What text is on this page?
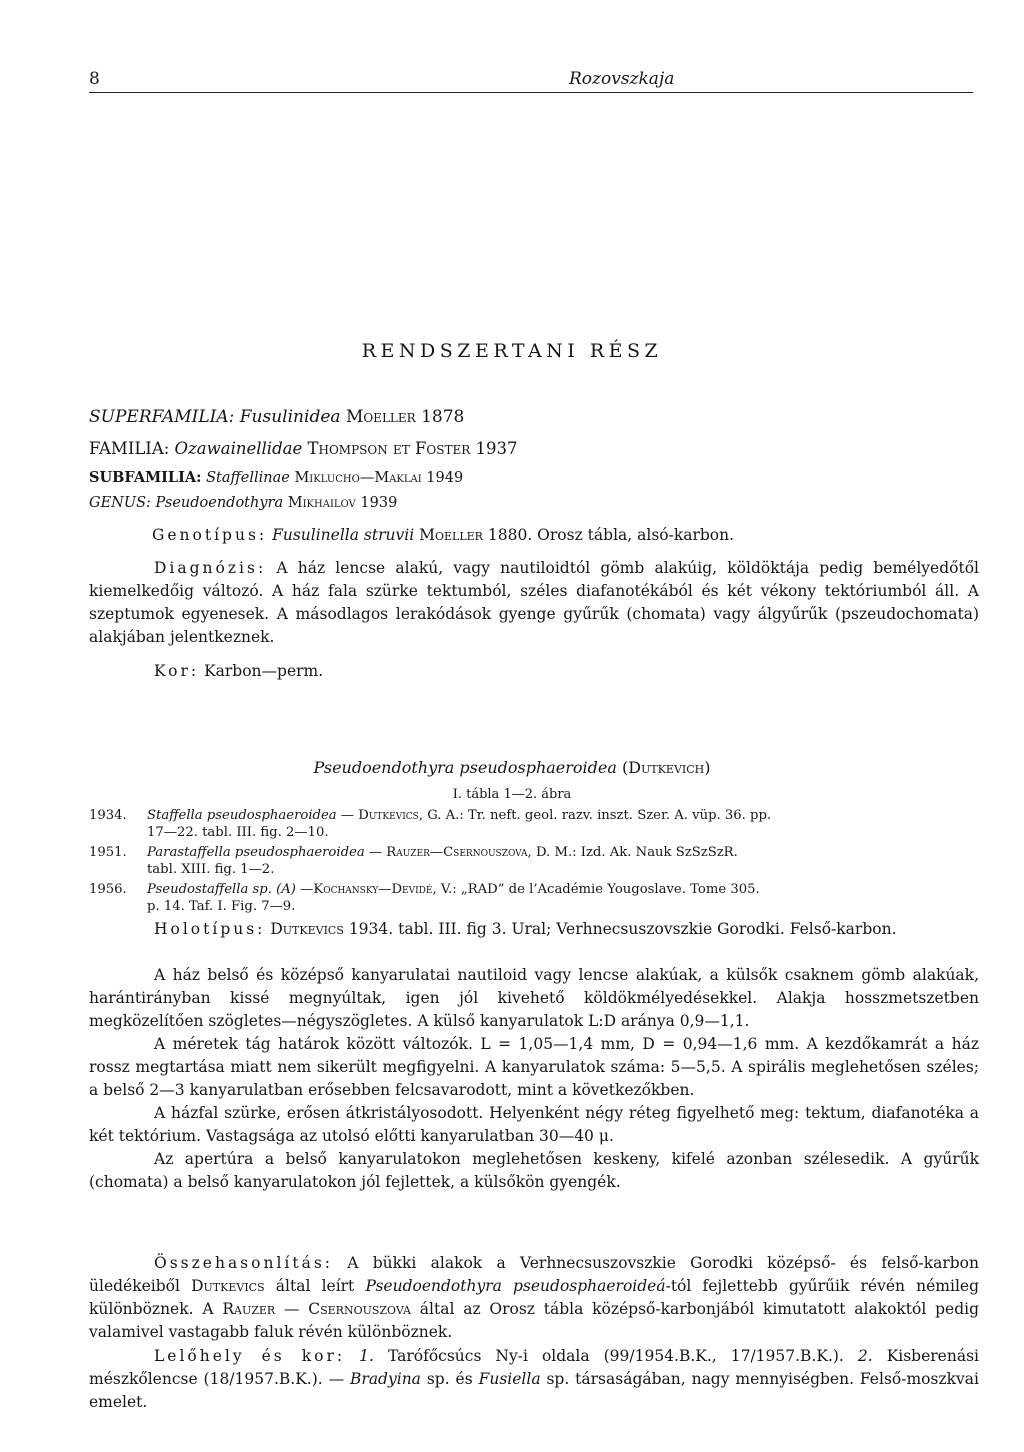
8	Rozovszkaja
RENDSZERTANI RÉSZ
SUPERFAMILIA: Fusulinidea Moeller 1878
FAMILIA: Ozawainellidae Thompson et Foster 1937
SUBFAMILIA: Staffellinae Miklucho—Maklai 1949
GENUS: Pseudoendothyra Mikhailov 1939
Genotípus: Fusulinella struvii Moeller 1880. Orosz tábla, alsó-karbon.

Diagnózis: A ház lencse alakú, vagy nautiloidtól gömb alakúig, köldöktája pedig bemélyedőtől kiemelkedőig változó. A ház fala szürke tektumból, széles diafanotékából és két vékony tektóriumból áll. A szeptumok egyenesek. A másodlagos lerakódások gyenge gyűrűk (chomata) vagy álgyűrűk (pszeudochomata) alakjában jelentkeznek.

Kor: Karbon—perm.
Pseudoendothyra pseudosphaeroidea (Dutkevich)
I. tábla 1—2. ábra
1934.	Staffella pseudosphaeroidea — Dutkevics, G. A.: Tr. neft. geol. razv. inszt. Szer. A. vüp. 36. pp.
17—22. tabl. III. fig. 2—10.
1951.	Parastaffella pseudosphaeroidea — Rauzer—Csernouszova, D. M.: Izd. Ak. Nauk SzSzSzR.
tabl. XIII. fig. 1—2.
1956.	Pseudostaffella sp. (A) —Kochansky—Devidé, V.: „RAD” de l’Académie Yougoslave. Tome 305.
p. 14. Taf. I. Fig. 7—9.

Holotípus: Dutkevics 1934. tabl. III. fig 3. Ural; Verhnecsuszovszkie Gorodki. Felső-karbon.

A ház belső és középső kanyarulatai nautiloid vagy lencse alakúak, a külsők csaknem gömb alakúak, harántirányban kissé megnyúltak, igen jól kivehető köldökmélyedésekkel. Alakja hosszmetszetben megközelítően szögletes—négyszögletes. A külső kanyarulatok L:D aránya 0,9—1,1.

A méretek tág határok között változók. L = 1,05—1,4 mm, D = 0,94—1,6 mm. A kezdőkamrát a ház rossz megtartása miatt nem sikerült megfigyelni. A kanyarulatok száma: 5—5,5. A spirális meglehetősen széles; a belső 2—3 kanyarulatban erősebben felcsavarodott, mint a következőkben.

A házfal szürke, erősen átkristályosodott. Helyenként négy réteg figyelhető meg: tektum, diafanotéka a két tektórium. Vastagsága az utolsó előtti kanyarulatban 30—40 μ.

Az apertúra a belső kanyarulatokon meglehetősen keskeny, kifelé azonban szélesedik. A gyűrűk (chomata) a belső kanyarulatokon jól fejlettek, a külsőkön gyengék.

Összehasonlítás: A bükki alakok a Verhnecsuszovszkie Gorodki középső- és felső-karbon üledékeiből Dutkevics által leírt Pseudoendothyra pseudosphaeroideá-tól fejlettebb gyűrűik révén némileg különböznek. A Rauzer — Csernouszova által az Orosz tábla középső-karbonjából kimutatott alakoktól pedig valamivel vastagabb faluk révén különböznek.

Lelőhely és kor: 1. Tarófőcsúcs Ny-i oldala (99/1954.B.K., 17/1957.B.K.). 2. Kisberenási mészkőlencse (18/1957.B.K.). — Bradyina sp. és Fusiella sp. társaságában, nagy mennyiségben. Felső-moszkvai emelet.
